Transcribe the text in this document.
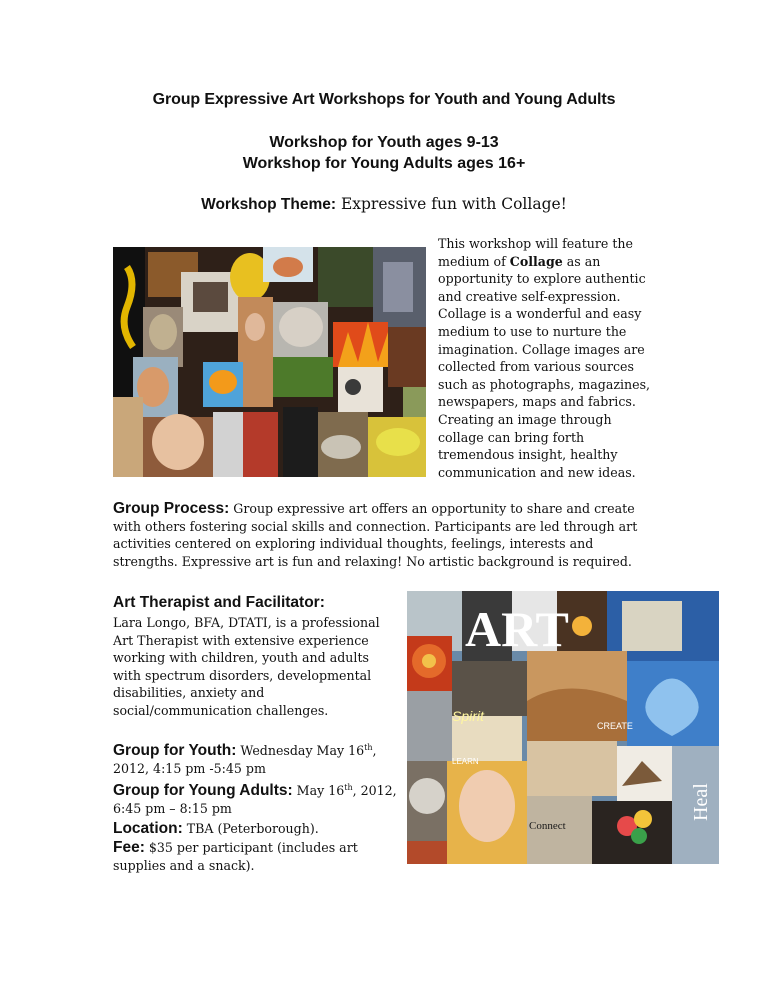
Group Expressive Art Workshops for Youth and Young Adults
Workshop for Youth ages 9-13
Workshop for Young Adults ages 16+
Workshop Theme: Expressive fun with Collage!
This workshop will feature the medium of Collage as an opportunity to explore authentic and creative self-expression. Collage is a wonderful and easy medium to use to nurture the imagination. Collage images are collected from various sources such as photographs, magazines, newspapers, maps and fabrics. Creating an image through collage can bring forth tremendous insight, healthy communication and new ideas.
Group Process: Group expressive art offers an opportunity to share and create with others fostering social skills and connection. Participants are led through art activities centered on exploring individual thoughts, feelings, interests and strengths. Expressive art is fun and relaxing! No artistic background is required.
Art Therapist and Facilitator:
Lara Longo, BFA, DTATI, is a professional Art Therapist with extensive experience working with children, youth and adults with spectrum disorders, developmental disabilities, anxiety and social/communication challenges.
Group for Youth: Wednesday May 16th, 2012, 4:15 pm -5:45 pm
Group for Young Adults: May 16th, 2012, 6:45 pm – 8:15 pm
Location: TBA (Peterborough).
Fee: $35 per participant (includes art supplies and a snack).
ART
Spirit
CREATE
LEARN
Connect
Heal
